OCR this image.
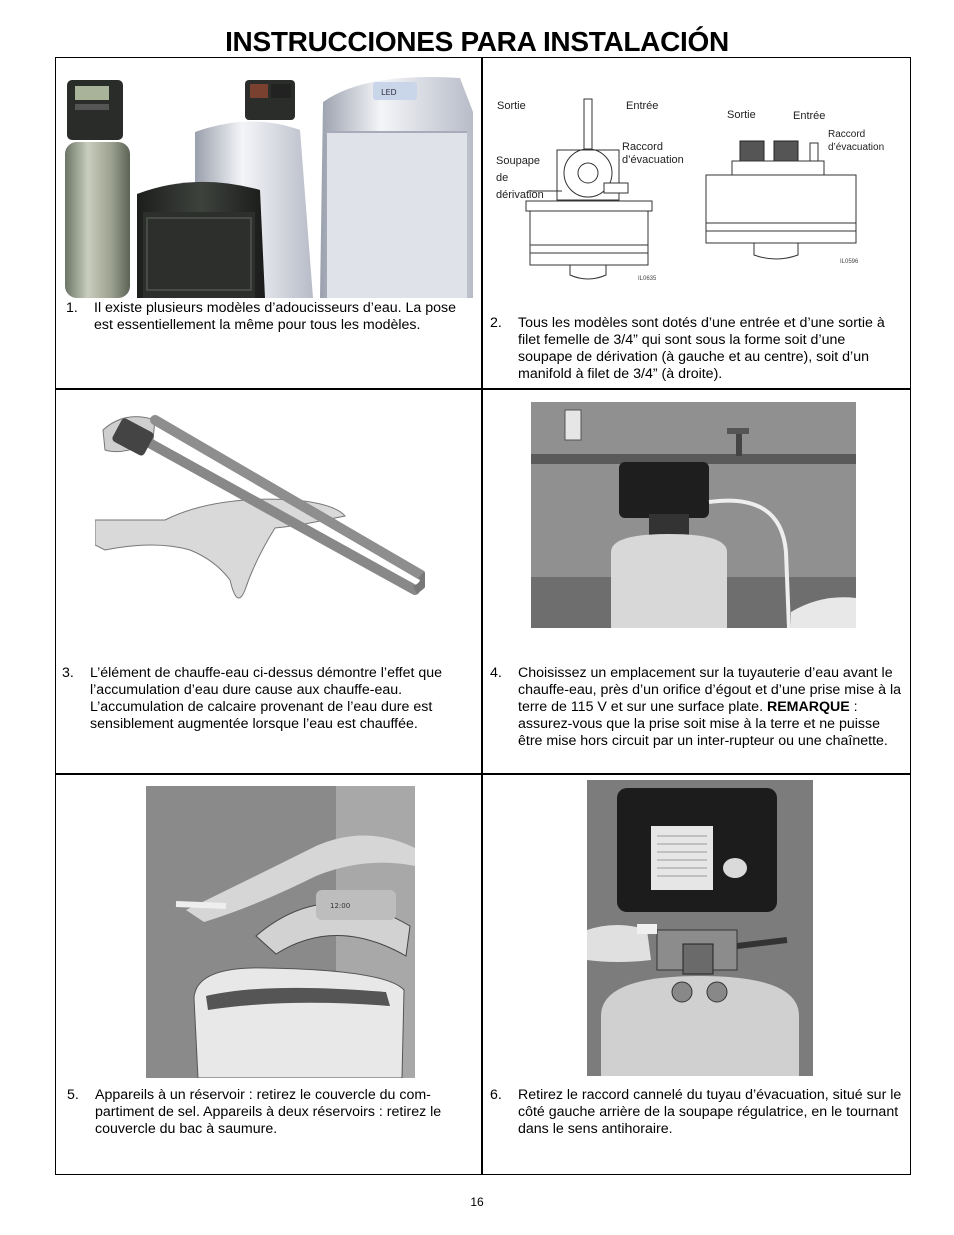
INSTRUCCIONES PARA INSTALACIÓN
LED
1. Il existe plusieurs modèles d’adoucisseurs d’eau. La pose est essentiellement la même pour tous les modèles.
Sortie	Entrée
Raccord d’évacuation
Soupape de dérivation
IL0635
Sortie	Entrée
Raccord d’évacuation
IL0596
2. Tous les modèles sont dotés d’une entrée et d’une sortie à filet femelle de 3/4” qui sont sous la forme soit d’une soupape de dérivation (à gauche et au centre), soit d’un manifold à filet de 3/4” (à droite).
3. L’élément de chauffe-eau ci-dessus démontre l’effet que l’accumulation d’eau dure cause aux chauffe-eau. L’accumulation de calcaire provenant de l’eau dure est sensiblement augmentée lorsque l’eau est chauffée.
4. Choisissez un emplacement sur la tuyauterie d’eau avant le chauffe-eau, près d’un orifice d’égout et d’une prise mise à la terre de 115 V et sur une surface plate. REMARQUE : assurez-vous que la prise soit mise à la terre et ne puisse être mise hors circuit par un inter-rupteur ou une chaînette.
12:00
5. Appareils à un réservoir : retirez le couvercle du com-partiment de sel. Appareils à deux réservoirs : retirez le couvercle du bac à saumure.
6. Retirez le raccord cannelé du tuyau d’évacuation, situé sur le côté gauche arrière de la soupape régulatrice, en le tournant dans le sens antihoraire.
16
